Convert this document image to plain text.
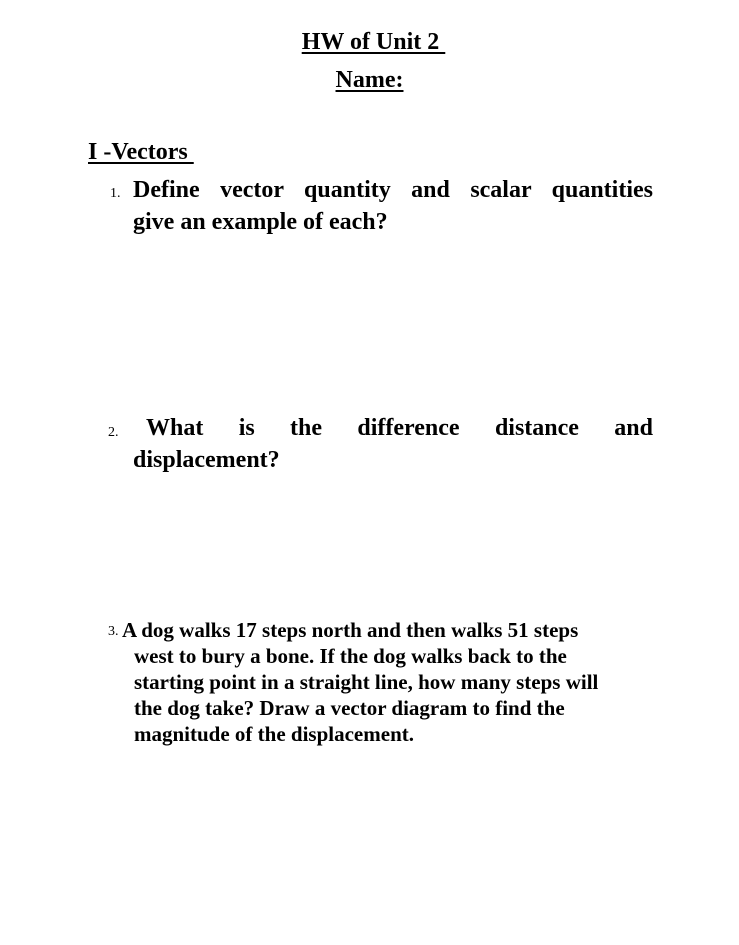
HW of Unit 2
Name:
I -Vectors
1. Define vector quantity and scalar quantities
give an example of each?
2.	What is the difference distance and
displacement?
3. A dog walks 17 steps north and then walks 51 steps
west to bury a bone. If the dog walks back to the
starting point in a straight line, how many steps will
the dog take? Draw a vector diagram to find the
magnitude of the displacement.
